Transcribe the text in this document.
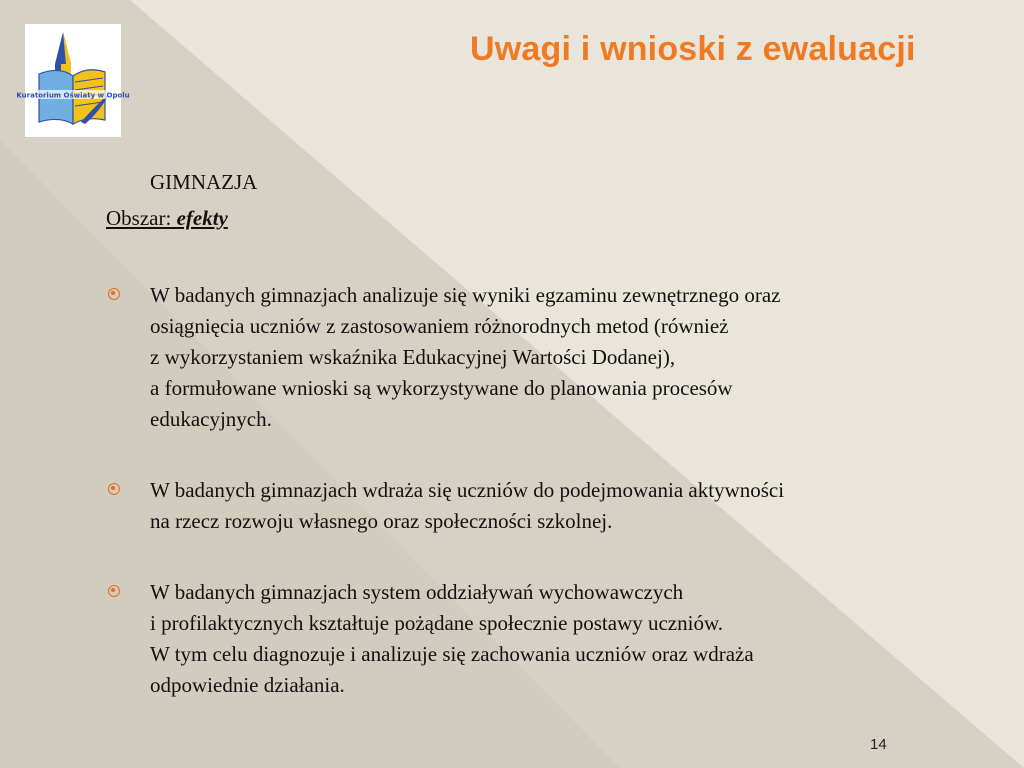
Kuratorium Oświaty w Opolu
Uwagi i wnioski z ewaluacji
GIMNAZJA
Obszar: efekty
W badanych gimnazjach analizuje się wyniki egzaminu zewnętrznego oraz
osiągnięcia uczniów z zastosowaniem różnorodnych metod (również
z wykorzystaniem wskaźnika Edukacyjnej Wartości Dodanej),
a formułowane wnioski są wykorzystywane do planowania procesów
edukacyjnych.
W badanych gimnazjach wdraża się uczniów do podejmowania aktywności
na rzecz rozwoju własnego oraz społeczności szkolnej.
W badanych gimnazjach system oddziaływań wychowawczych
i profilaktycznych kształtuje pożądane społecznie postawy uczniów.
W tym celu diagnozuje i analizuje się zachowania uczniów oraz wdraża
odpowiednie działania.
14
